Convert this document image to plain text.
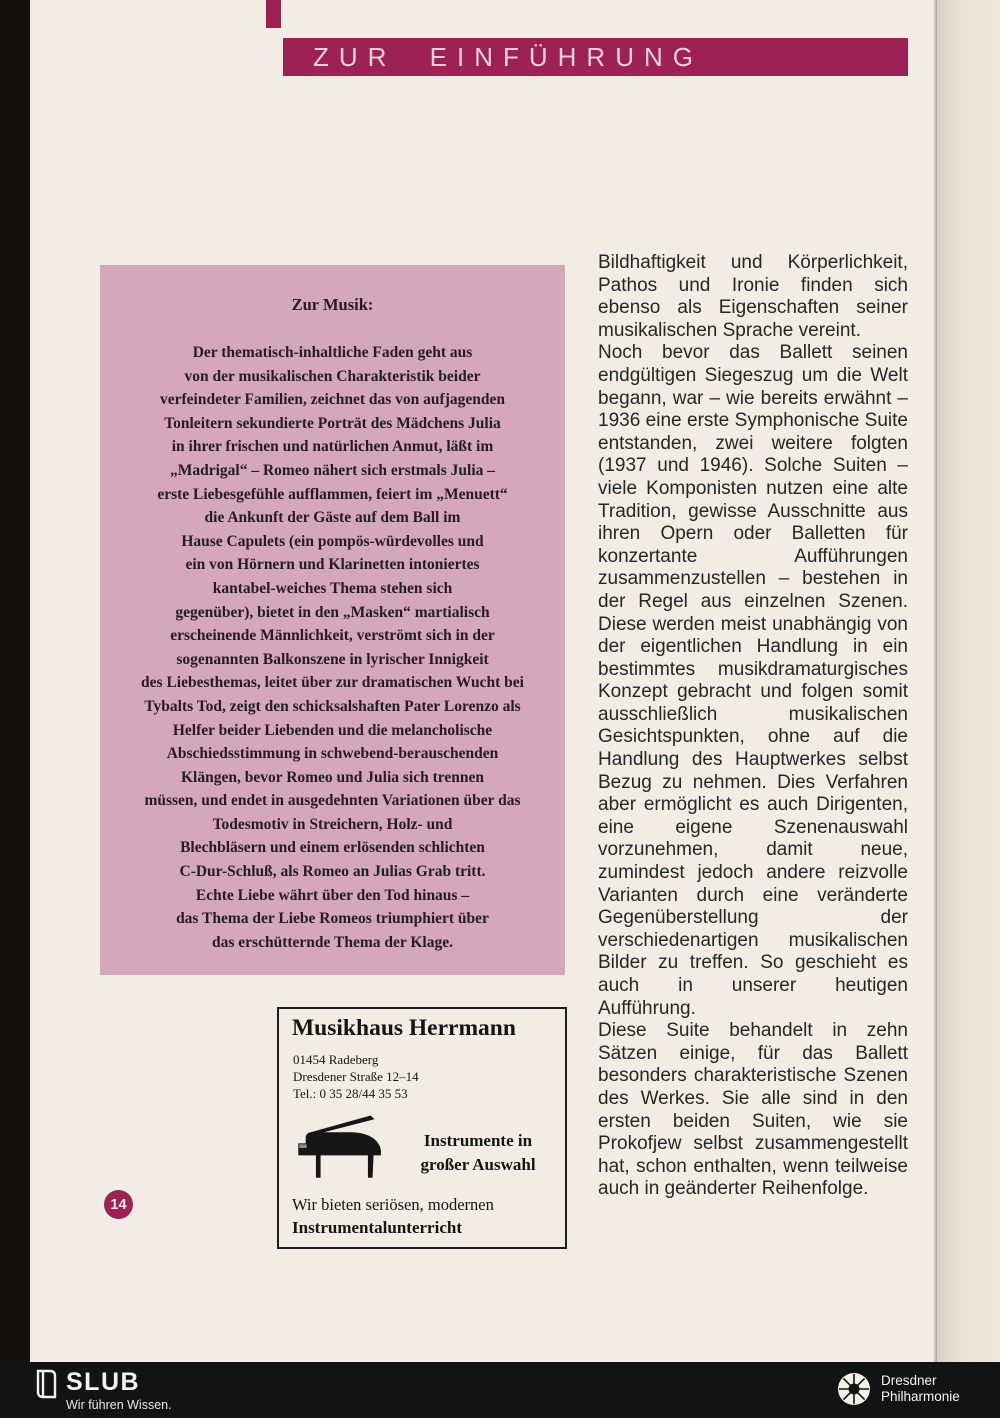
ZUR EINFÜHRUNG
Zur Musik:
Der thematisch-inhaltliche Faden geht aus
von der musikalischen Charakteristik beider
verfeindeter Familien, zeichnet das von aufjagenden
Tonleitern sekundierte Porträt des Mädchens Julia
in ihrer frischen und natürlichen Anmut, läßt im
„Madrigal“ – Romeo nähert sich erstmals Julia –
erste Liebesgefühle aufflammen, feiert im „Menuett“
die Ankunft der Gäste auf dem Ball im
Hause Capulets (ein pompös-würdevolles und
ein von Hörnern und Klarinetten intoniertes
kantabel-weiches Thema stehen sich
gegenüber), bietet in den „Masken“ martialisch
erscheinende Männlichkeit, verströmt sich in der
sogenannten Balkonszene in lyrischer Innigkeit
des Liebesthemas, leitet über zur dramatischen Wucht bei
Tybalts Tod, zeigt den schicksalshaften Pater Lorenzo als
Helfer beider Liebenden und die melancholische
Abschiedsstimmung in schwebend-berauschenden
Klängen, bevor Romeo und Julia sich trennen
müssen, und endet in ausgedehnten Variationen über das
Todesmotiv in Streichern, Holz- und
Blechbläsern und einem erlösenden schlichten
C-Dur-Schluß, als Romeo an Julias Grab tritt.
Echte Liebe währt über den Tod hinaus –
das Thema der Liebe Romeos triumphiert über
das erschütternde Thema der Klage.

Bildhaftigkeit und Körperlichkeit, Pathos und Ironie finden sich ebenso als Eigenschaften seiner musikalischen Sprache vereint.

Noch bevor das Ballett seinen endgültigen Siegeszug um die Welt begann, war – wie bereits erwähnt – 1936 eine erste Symphonische Suite entstanden, zwei weitere folgten (1937 und 1946). Solche Suiten – viele Komponisten nutzen eine alte Tradition, gewisse Ausschnitte aus ihren Opern oder Balletten für konzertante Aufführungen zusammenzustellen – bestehen in der Regel aus einzelnen Szenen. Diese werden meist unabhängig von der eigentlichen Handlung in ein bestimmtes musikdramaturgisches Konzept gebracht und folgen somit ausschließlich musikalischen Gesichtspunkten, ohne auf die Handlung des Hauptwerkes selbst Bezug zu nehmen. Dies Verfahren aber ermöglicht es auch Dirigenten, eine eigene Szenenauswahl vorzunehmen, damit neue, zumindest jedoch andere reizvolle Varianten durch eine veränderte Gegenüberstellung der verschiedenartigen musikalischen Bilder zu treffen. So geschieht es auch in unserer heutigen Aufführung.

Diese Suite behandelt in zehn Sätzen einige, für das Ballett besonders charakteristische Szenen des Werkes. Sie alle sind in den ersten beiden Suiten, wie sie Prokofjew selbst zusammengestellt hat, schon enthalten, wenn teilweise auch in geänderter Reihenfolge.

Musikhaus Herrmann
01454 Radeberg
Dresdener Straße 12–14
Tel.: 0 35 28/44 35 53
Instrumente in
großer Auswahl
Wir bieten seriösen, modernen
Instrumentalunterricht
14
SLUB
Wir führen Wissen.
Dresdner
Philharmonie
